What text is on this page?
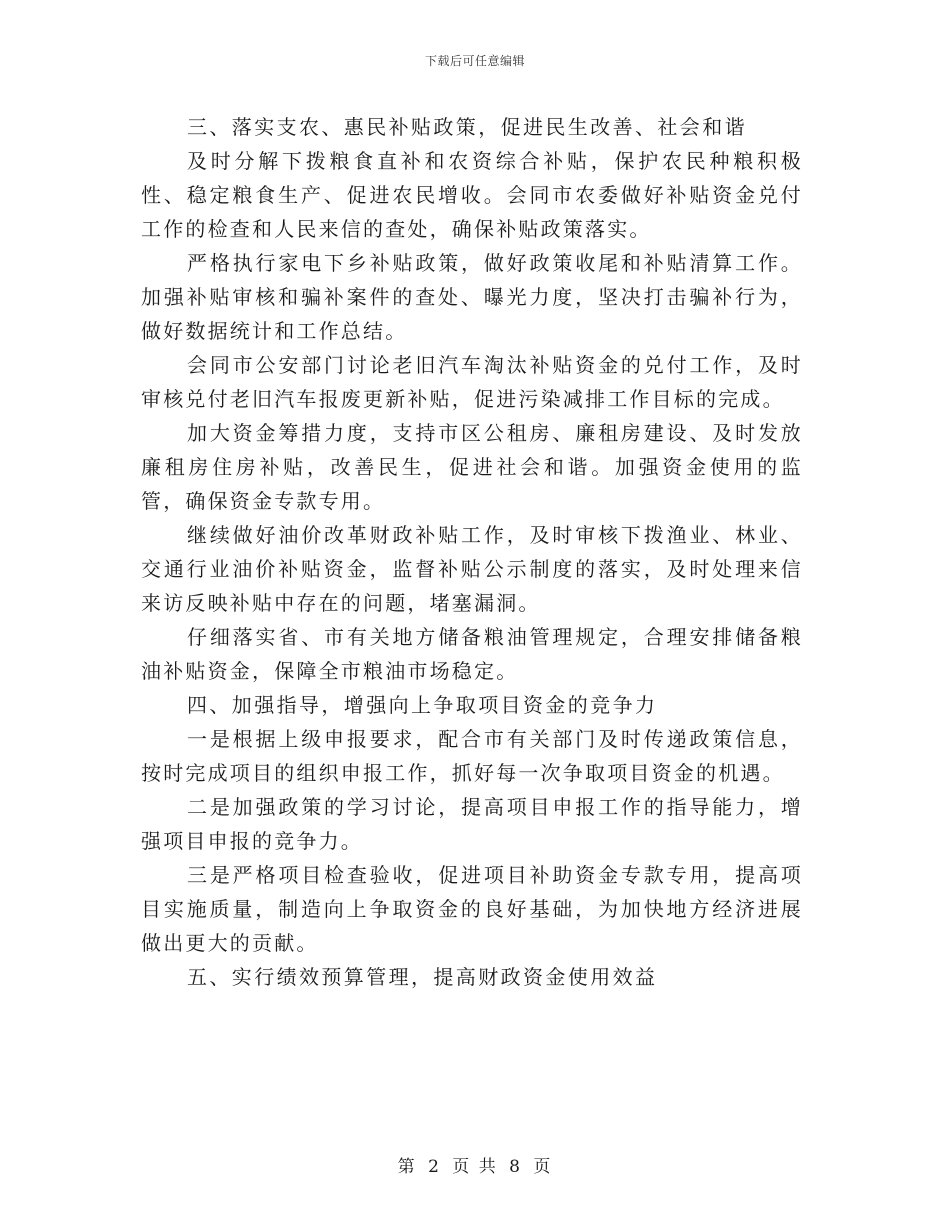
下载后可任意编辑

三、落实支农、惠民补贴政策，促进民生改善、社会和谐

及时分解下拨粮食直补和农资综合补贴，保护农民种粮积极性、稳定粮食生产、促进农民增收。会同市农委做好补贴资金兑付工作的检查和人民来信的查处，确保补贴政策落实。

严格执行家电下乡补贴政策，做好政策收尾和补贴清算工作。加强补贴审核和骗补案件的查处、曝光力度，坚决打击骗补行为，做好数据统计和工作总结。

会同市公安部门讨论老旧汽车淘汰补贴资金的兑付工作，及时审核兑付老旧汽车报废更新补贴，促进污染减排工作目标的完成。

加大资金筹措力度，支持市区公租房、廉租房建设、及时发放廉租房住房补贴，改善民生，促进社会和谐。加强资金使用的监管，确保资金专款专用。

继续做好油价改革财政补贴工作，及时审核下拨渔业、林业、交通行业油价补贴资金，监督补贴公示制度的落实，及时处理来信来访反映补贴中存在的问题，堵塞漏洞。

仔细落实省、市有关地方储备粮油管理规定，合理安排储备粮油补贴资金，保障全市粮油市场稳定。

四、加强指导，增强向上争取项目资金的竞争力

一是根据上级申报要求，配合市有关部门及时传递政策信息，按时完成项目的组织申报工作，抓好每一次争取项目资金的机遇。

二是加强政策的学习讨论，提高项目申报工作的指导能力，增强项目申报的竞争力。

三是严格项目检查验收，促进项目补助资金专款专用，提高项目实施质量，制造向上争取资金的良好基础，为加快地方经济进展做出更大的贡献。

五、实行绩效预算管理，提高财政资金使用效益

第 2 页 共 8 页
